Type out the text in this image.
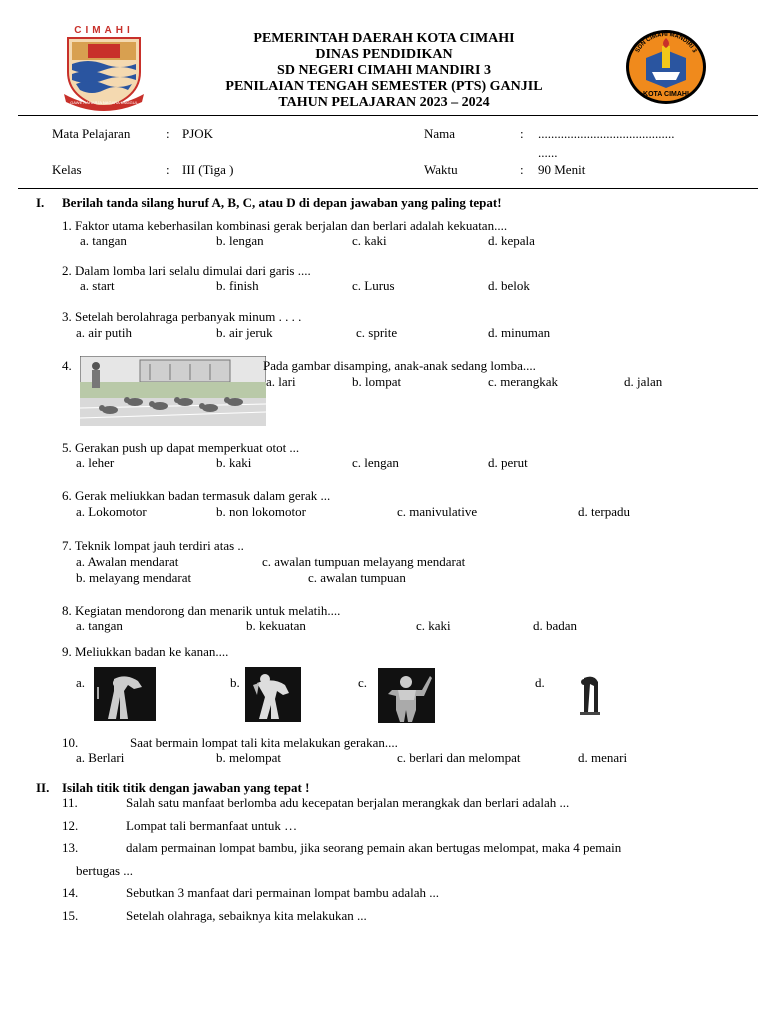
CIMAHI
GAWE RAHARJA NAGARA UNGGUL
PEMERINTAH DAERAH KOTA CIMAHI
DINAS PENDIDIKAN
SD NEGERI CIMAHI MANDIRI 3
PENILAIAN TENGAH SEMESTER (PTS) GANJIL
TAHUN PELAJARAN 2023 – 2024
SDN CIMAHI MANDIRI 3
KOTA CIMAHI
Mata Pelajaran	: PJOK	Nama	: ..........................................
......
Kelas	: III (Tiga )	Waktu	: 90 Menit
I. Berilah tanda silang huruf A, B, C, atau D di depan jawaban yang paling tepat!
1. Faktor utama keberhasilan kombinasi gerak berjalan dan berlari adalah kekuatan....
a. tangan	b. lengan	c. kaki	d. kepala
2. Dalam lomba lari selalu dimulai dari garis ....
a. start	b. finish	c. Lurus	d. belok
3. Setelah berolahraga perbanyak minum . . . .
a. air putih	b. air jeruk	c. sprite	d. minuman
4.	Pada gambar disamping, anak-anak sedang lomba....
a. lari	b. lompat	c. merangkak	d. jalan
5. Gerakan push up dapat memperkuat otot ...
a. leher	b. kaki	c. lengan	d. perut
6. Gerak meliukkan badan termasuk dalam gerak ...
a. Lokomotor	b. non lokomotor	c. manivulative	d. terpadu
7. Teknik lompat jauh terdiri atas ..
a. Awalan mendarat	c. awalan tumpuan melayang mendarat
b. melayang mendarat	c. awalan tumpuan
8. Kegiatan mendorong dan menarik untuk melatih....
a. tangan	b. kekuatan	c. kaki	d. badan
9. Meliukkan badan ke kanan....
a.	b.	c.	d.
10.	Saat bermain lompat tali kita melakukan gerakan....
a. Berlari	b. melompat	c. berlari dan melompat	d. menari
II. Isilah titik titik dengan jawaban yang tepat !
11.	Salah satu manfaat berlomba adu kecepatan berjalan merangkak dan berlari adalah ...
12.	Lompat tali bermanfaat untuk …
13.	dalam permainan lompat bambu, jika seorang pemain akan bertugas melompat, maka 4 pemain
bertugas ...
14.	Sebutkan 3 manfaat dari permainan lompat bambu adalah ...
15.	Setelah olahraga, sebaiknya kita melakukan ...
